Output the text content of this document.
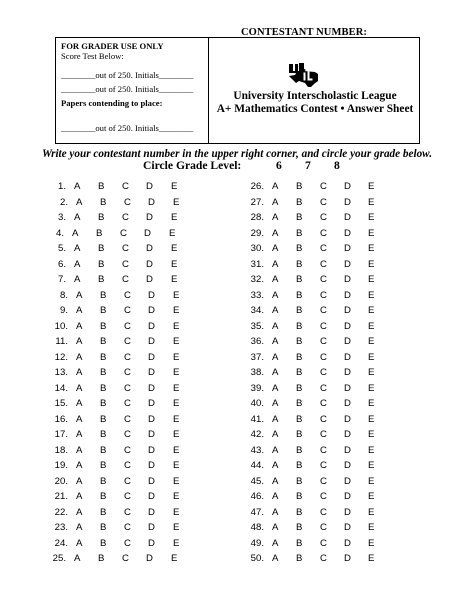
CONTESTANT NUMBER:
FOR GRADER USE ONLY
Score Test Below:
________out of 250. Initials________
________out of 250. Initials________
Papers contending to place:
________out of 250. Initials________
University Interscholastic League
A+ Mathematics Contest • Answer Sheet
Write your contestant number in the upper right corner, and circle your grade below.
Circle Grade Level:	6 7 8
1. A B C D E
2. A B C D E
3. A B C D E
4. A B C D E
5. A B C D E
6. A B C D E
7. A B C D E
8. A B C D E
9. A B C D E
10. A B C D E
11. A B C D E
12. A B C D E
13. A B C D E
14. A B C D E
15. A B C D E
16. A B C D E
17. A B C D E
18. A B C D E
19. A B C D E
20. A B C D E
21. A B C D E
22. A B C D E
23. A B C D E
24. A B C D E
25. A B C D E
26. A B C D E
27. A B C D E
28. A B C D E
29. A B C D E
30. A B C D E
31. A B C D E
32. A B C D E
33. A B C D E
34. A B C D E
35. A B C D E
36. A B C D E
37. A B C D E
38. A B C D E
39. A B C D E
40. A B C D E
41. A B C D E
42. A B C D E
43. A B C D E
44. A B C D E
45. A B C D E
46. A B C D E
47. A B C D E
48. A B C D E
49. A B C D E
50. A B C D E
